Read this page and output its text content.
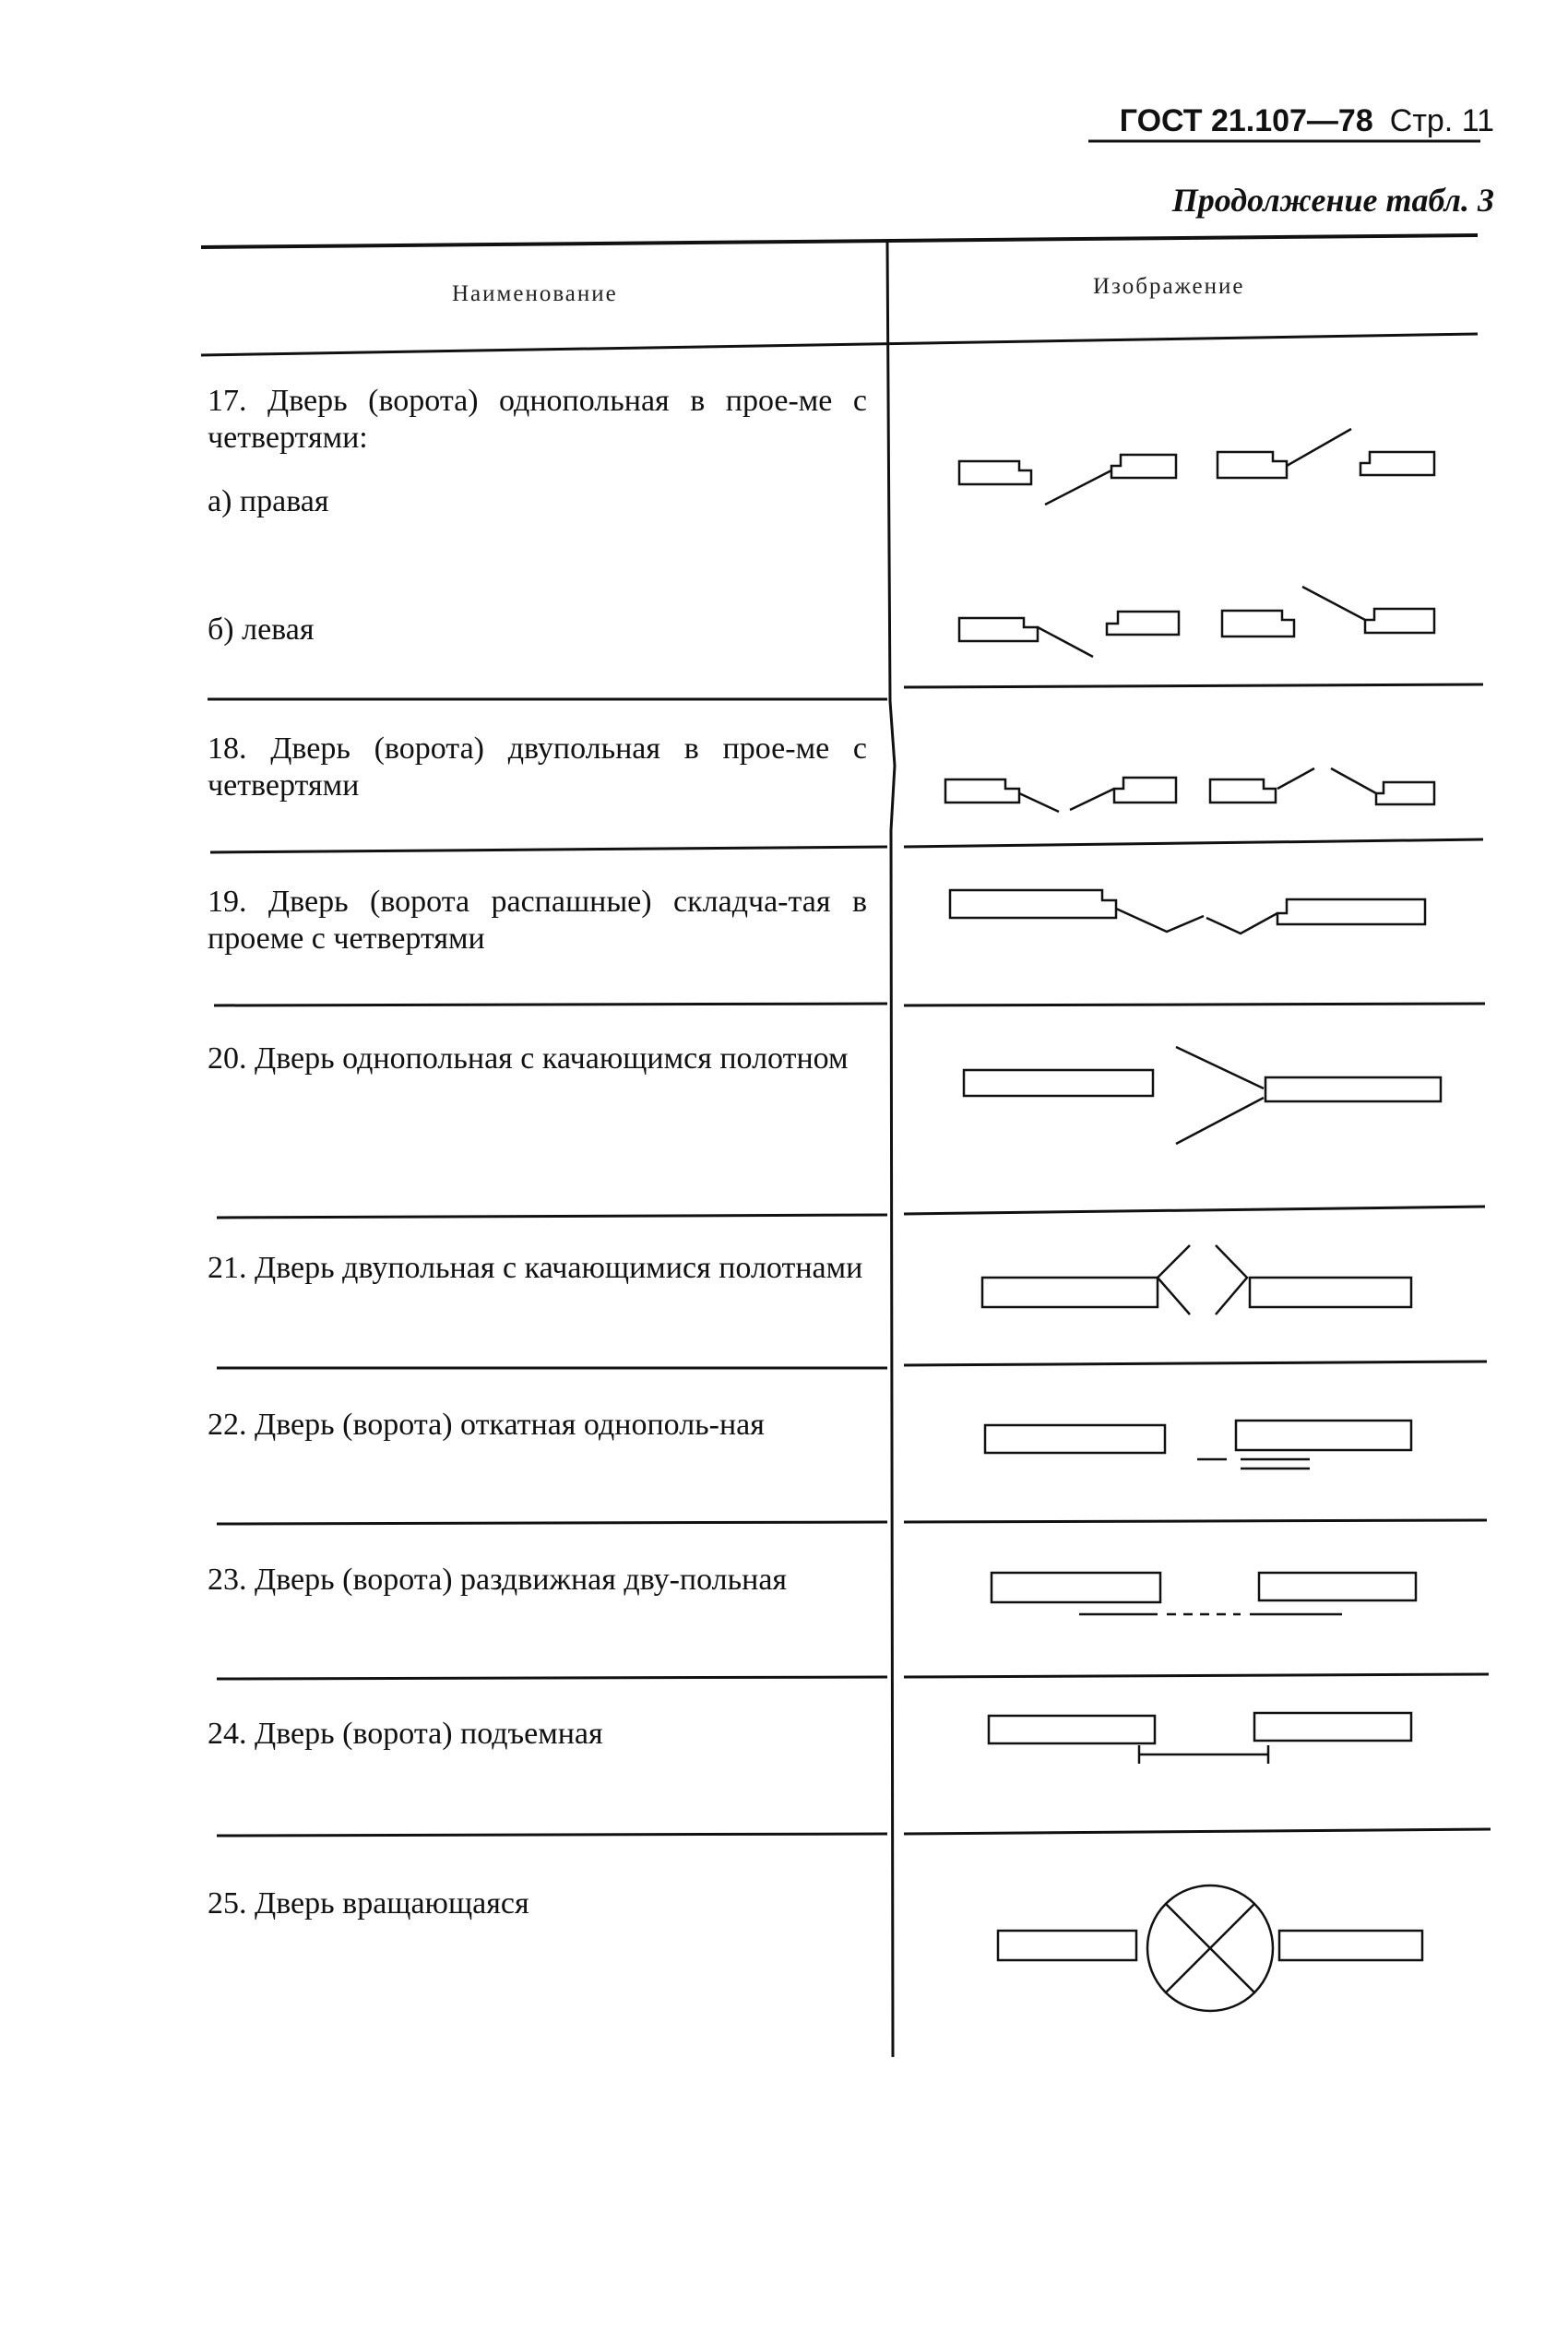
ГОСТ 21.107—78 Стр. 11
Продолжение табл. 3
Наименование	Изображение
17. Дверь (ворота) однопольная в прое-ме с четвертями:
а) правая
б) левая
18. Дверь (ворота) двупольная в прое-ме с четвертями
19. Дверь (ворота распашные) складча-тая в проеме с четвертями
20. Дверь однопольная с качающимся полотном
21. Дверь двупольная с качающимися полотнами
22. Дверь (ворота) откатная однополь-ная
23. Дверь (ворота) раздвижная дву-польная
24. Дверь (ворота) подъемная
25. Дверь вращающаяся
